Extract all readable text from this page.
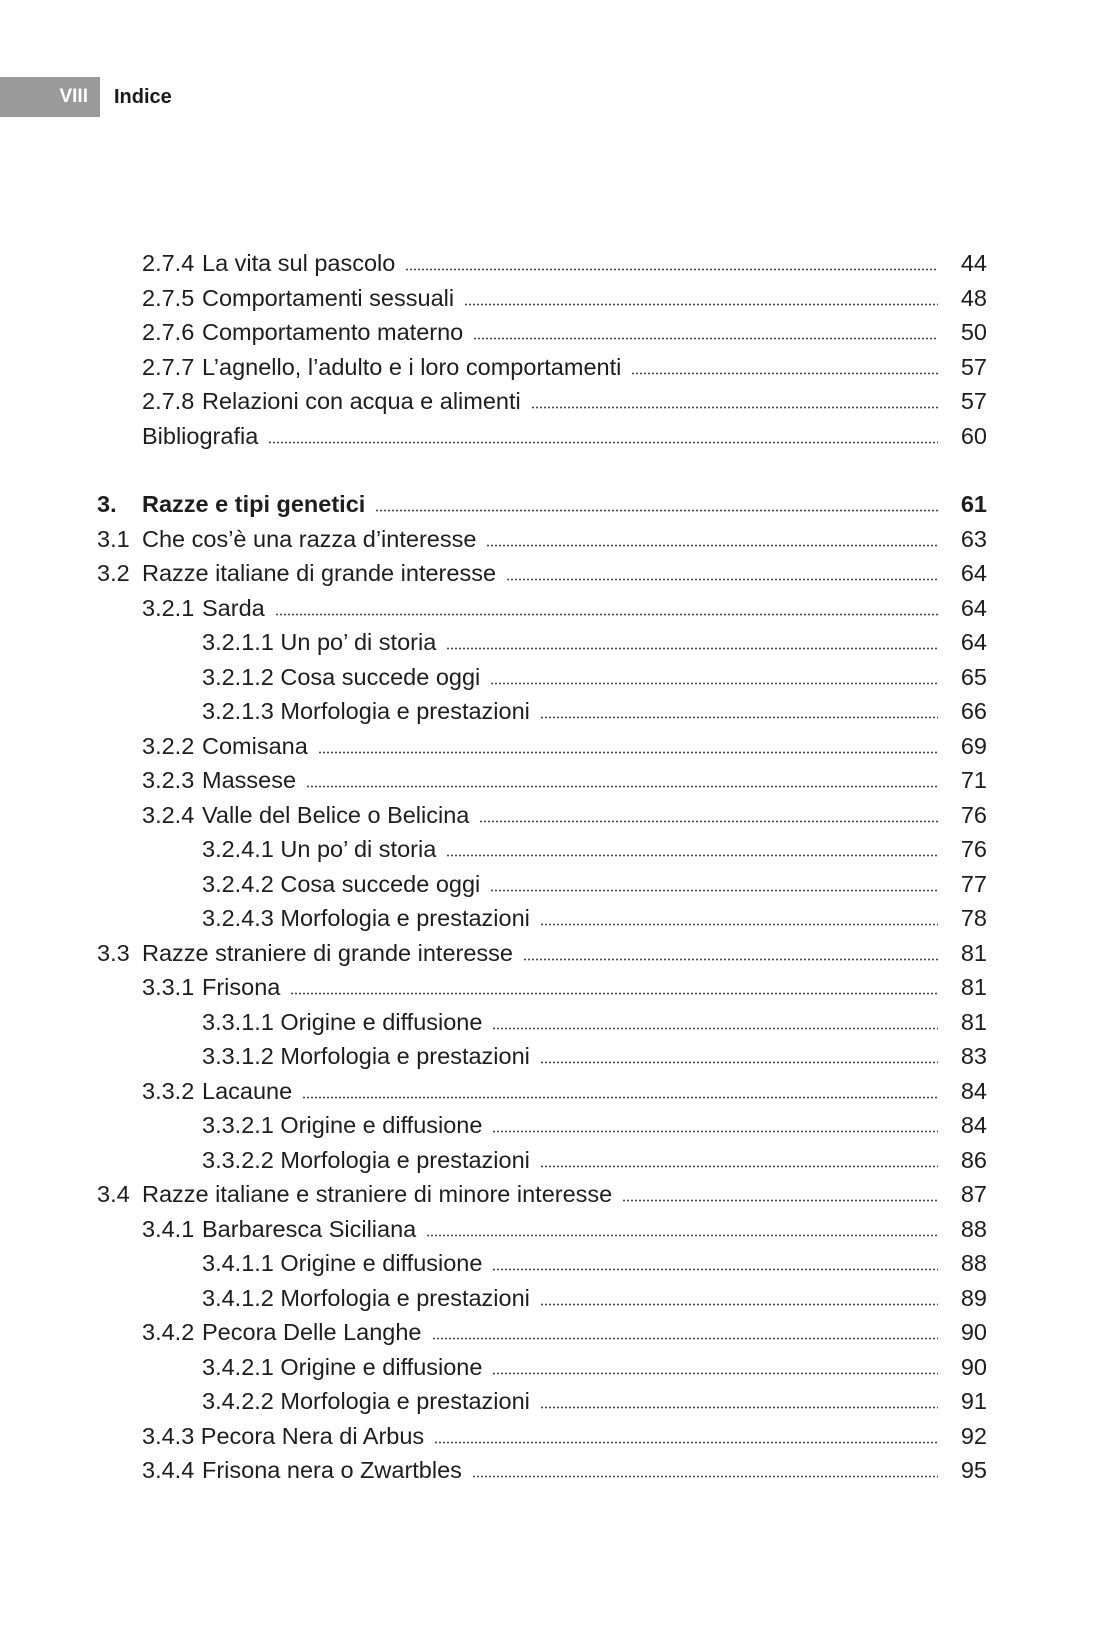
VIII Indice
2.7.4 La vita sul pascolo	44
2.7.5 Comportamenti sessuali	48
2.7.6 Comportamento materno	50
2.7.7 L’agnello, l’adulto e i loro comportamenti	57
2.7.8 Relazioni con acqua e alimenti	57
Bibliografia	60
3. Razze e tipi genetici	61
3.1 Che cos’è una razza d’interesse	63
3.2 Razze italiane di grande interesse	64
3.2.1 Sarda	64
3.2.1.1 Un po’ di storia	64
3.2.1.2 Cosa succede oggi	65
3.2.1.3 Morfologia e prestazioni	66
3.2.2 Comisana	69
3.2.3 Massese	71
3.2.4 Valle del Belice o Belicina	76
3.2.4.1 Un po’ di storia	76
3.2.4.2 Cosa succede oggi	77
3.2.4.3 Morfologia e prestazioni	78
3.3 Razze straniere di grande interesse	81
3.3.1 Frisona	81
3.3.1.1 Origine e diffusione	81
3.3.1.2 Morfologia e prestazioni	83
3.3.2 Lacaune	84
3.3.2.1 Origine e diffusione	84
3.3.2.2 Morfologia e prestazioni	86
3.4 Razze italiane e straniere di minore interesse	87
3.4.1 Barbaresca Siciliana	88
3.4.1.1 Origine e diffusione	88
3.4.1.2 Morfologia e prestazioni	89
3.4.2 Pecora Delle Langhe	90
3.4.2.1 Origine e diffusione	90
3.4.2.2 Morfologia e prestazioni	91
3.4.3 Pecora Nera di Arbus	92
3.4.4 Frisona nera o Zwartbles	95
